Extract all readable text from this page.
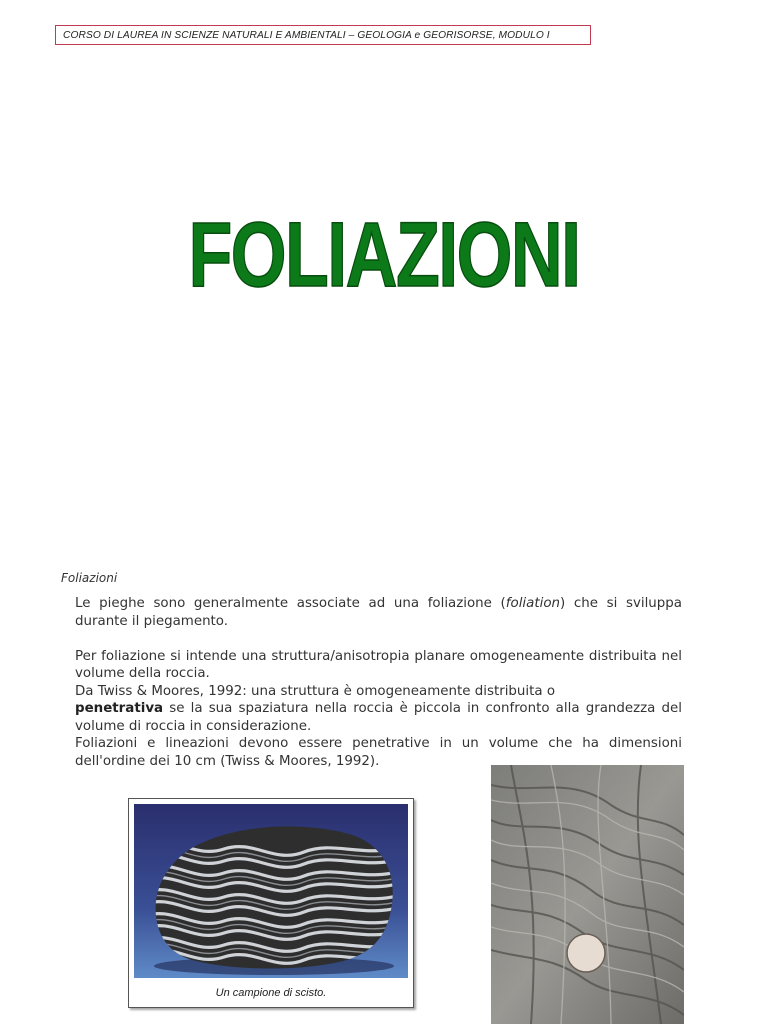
CORSO DI LAUREA IN SCIENZE NATURALI E AMBIENTALI – GEOLOGIA e GEORISORSE, MODULO I
FOLIAZIONI
Foliazioni

Le pieghe sono generalmente associate ad una foliazione (foliation) che si sviluppa durante il piegamento.

Per foliazione si intende una struttura/anisotropia planare omogeneamente distribuita nel volume della roccia.

Da Twiss & Moores, 1992: una struttura è omogeneamente distribuita o

penetrativa se la sua spaziatura nella roccia è piccola in confronto alla grandezza del volume di roccia in considerazione.

Foliazioni e lineazioni devono essere penetrative in un volume che ha dimensioni dell'ordine dei 10 cm (Twiss & Moores, 1992).

Un campione di scisto.
